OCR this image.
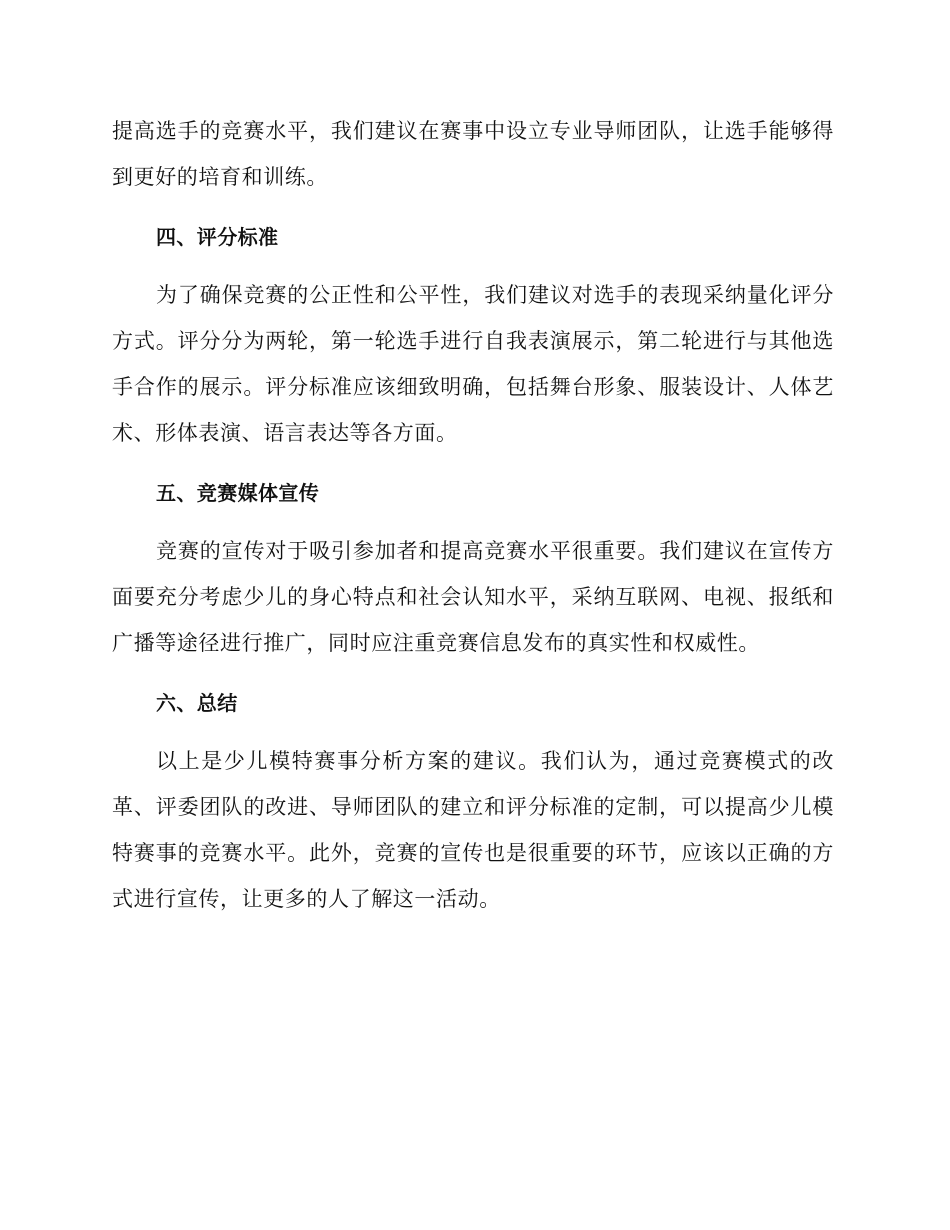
提高选手的竞赛水平，我们建议在赛事中设立专业导师团队，让选手能够得到更好的培育和训练。

四、评分标准

为了确保竞赛的公正性和公平性，我们建议对选手的表现采纳量化评分方式。评分分为两轮，第一轮选手进行自我表演展示，第二轮进行与其他选手合作的展示。评分标准应该细致明确，包括舞台形象、服装设计、人体艺术、形体表演、语言表达等各方面。

五、竞赛媒体宣传

竞赛的宣传对于吸引参加者和提高竞赛水平很重要。我们建议在宣传方面要充分考虑少儿的身心特点和社会认知水平，采纳互联网、电视、报纸和广播等途径进行推广，同时应注重竞赛信息发布的真实性和权威性。

六、总结

以上是少儿模特赛事分析方案的建议。我们认为，通过竞赛模式的改革、评委团队的改进、导师团队的建立和评分标准的定制，可以提高少儿模特赛事的竞赛水平。此外，竞赛的宣传也是很重要的环节，应该以正确的方式进行宣传，让更多的人了解这一活动。
